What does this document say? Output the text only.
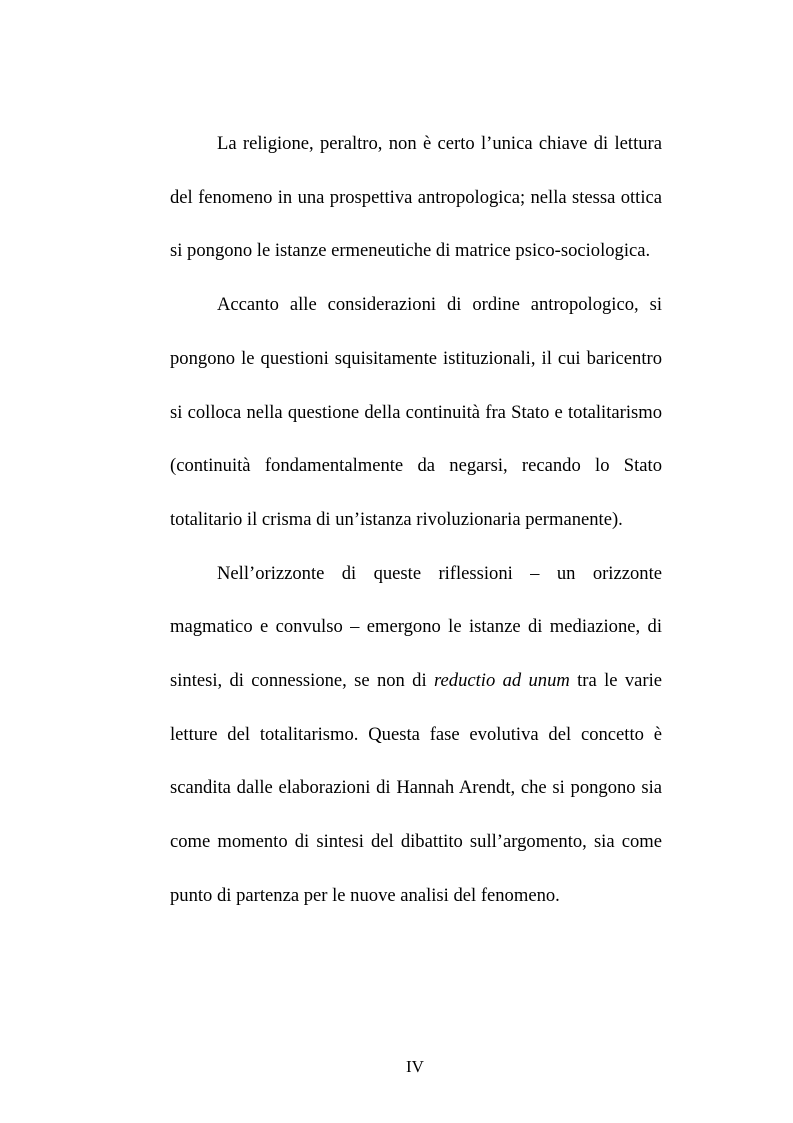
La religione, peraltro, non è certo l’unica chiave di lettura
del fenomeno in una prospettiva antropologica; nella stessa ottica
si pongono le istanze ermeneutiche di matrice psico-sociologica.
Accanto alle considerazioni di ordine antropologico, si
pongono le questioni squisitamente istituzionali, il cui baricentro
si colloca nella questione della continuità fra Stato e totalitarismo
(continuità fondamentalmente da negarsi, recando lo Stato
totalitario il crisma di un’istanza rivoluzionaria permanente).
Nell’orizzonte di queste riflessioni – un orizzonte
magmatico e convulso – emergono le istanze di mediazione, di
sintesi, di connessione, se non di reductio ad unum tra le varie
letture del totalitarismo. Questa fase evolutiva del concetto è
scandita dalle elaborazioni di Hannah Arendt, che si pongono sia
come momento di sintesi del dibattito sull’argomento, sia come
punto di partenza per le nuove analisi del fenomeno.
IV
